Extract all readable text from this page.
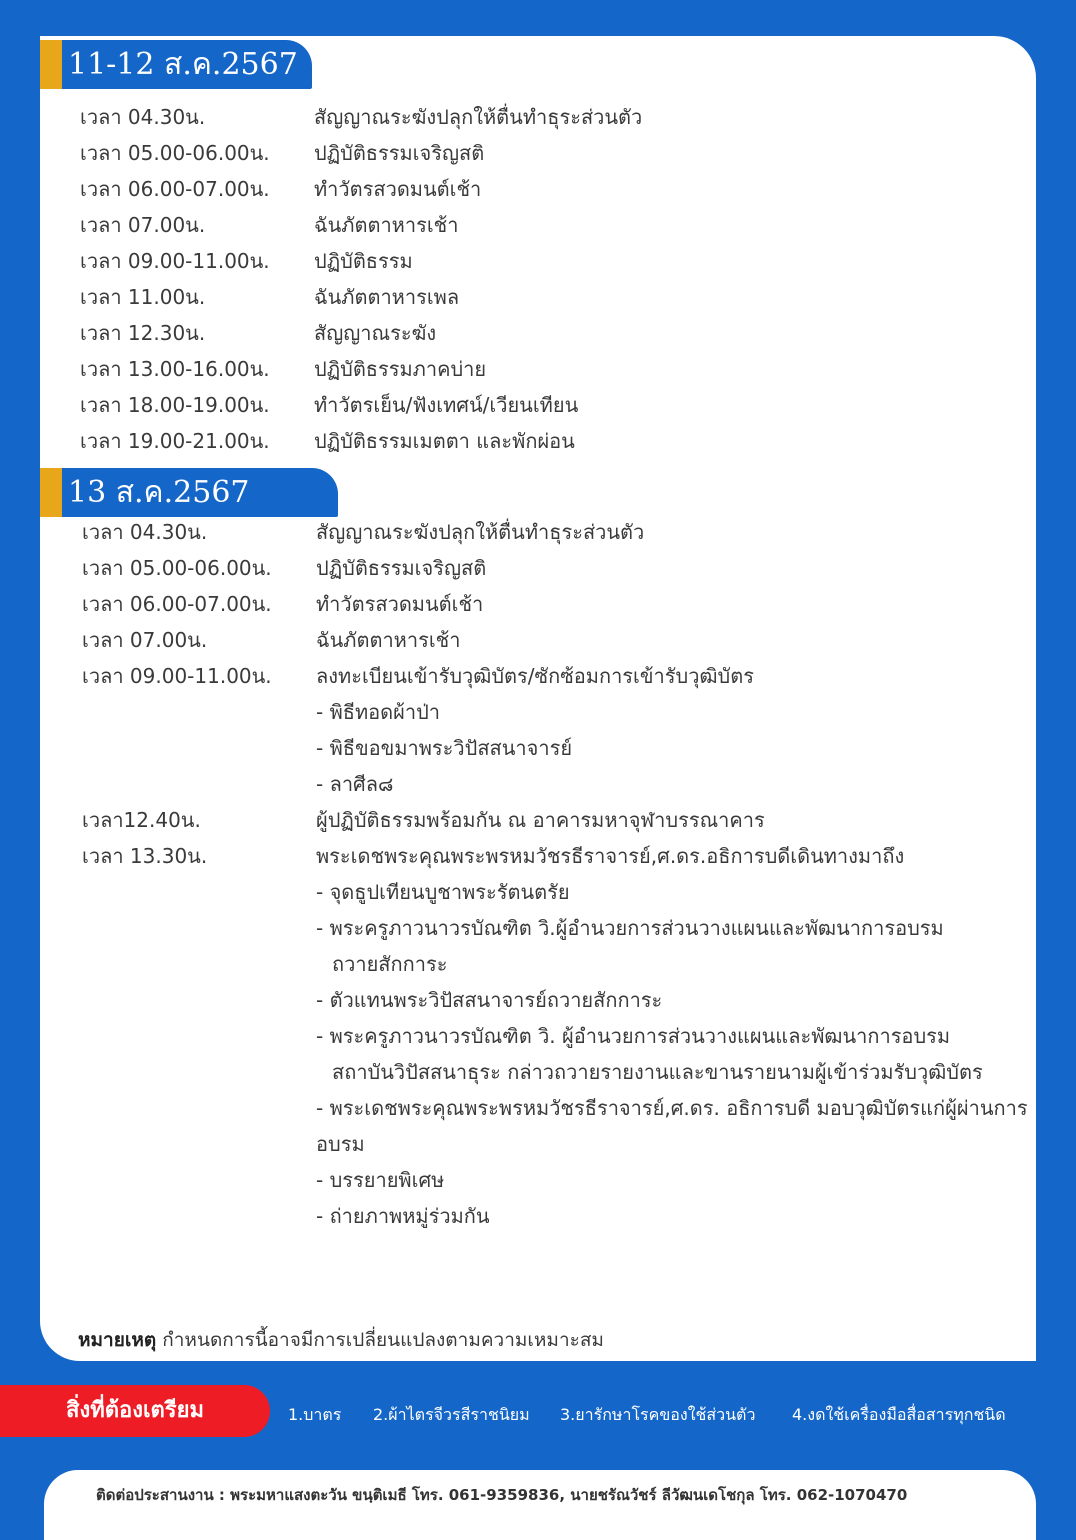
11-12 ส.ค.2567
เวลา 04.30น.	สัญญาณระฆังปลุกให้ตื่นทำธุระส่วนตัว
เวลา 05.00-06.00น. ปฏิบัติธรรมเจริญสติ
เวลา 06.00-07.00น. ทำวัตรสวดมนต์เช้า
เวลา 07.00น.	ฉันภัตตาหารเช้า
เวลา 09.00-11.00น. ปฏิบัติธรรม
เวลา 11.00น.	ฉันภัตตาหารเพล
เวลา 12.30น.	สัญญาณระฆัง
เวลา 13.00-16.00น. ปฏิบัติธรรมภาคบ่าย
เวลา 18.00-19.00น. ทำวัตรเย็น/ฟังเทศน์/เวียนเทียน
เวลา 19.00-21.00น. ปฏิบัติธรรมเมตตา และพักผ่อน
13 ส.ค.2567
เวลา 04.30น.	สัญญาณระฆังปลุกให้ตื่นทำธุระส่วนตัว
เวลา 05.00-06.00น. ปฏิบัติธรรมเจริญสติ
เวลา 06.00-07.00น. ทำวัตรสวดมนต์เช้า
เวลา 07.00น.	ฉันภัตตาหารเช้า
เวลา 09.00-11.00น. ลงทะเบียนเข้ารับวุฒิบัตร/ซักซ้อมการเข้ารับวุฒิบัตร
- พิธีทอดผ้าป่า
- พิธีขอขมาพระวิปัสสนาจารย์
- ลาศีล๘
เวลา12.40น.	ผู้ปฏิบัติธรรมพร้อมกัน ณ อาคารมหาจุฬาบรรณาคาร
เวลา 13.30น.	พระเดชพระคุณพระพรหมวัชรธีราจารย์,ศ.ดร.อธิการบดีเดินทางมาถึง
- จุดธูปเทียนบูชาพระรัตนตรัย
- พระครูภาวนาวรบัณฑิต วิ.ผู้อำนวยการส่วนวางแผนและพัฒนาการอบรม
ถวายสักการะ
- ตัวแทนพระวิปัสสนาจารย์ถวายสักการะ
- พระครูภาวนาวรบัณฑิต วิ. ผู้อำนวยการส่วนวางแผนและพัฒนาการอบรม
สถาบันวิปัสสนาธุระ กล่าวถวายรายงานและขานรายนามผู้เข้าร่วมรับวุฒิบัตร
- พระเดชพระคุณพระพรหมวัชรธีราจารย์,ศ.ดร. อธิการบดี มอบวุฒิบัตรแก่ผู้ผ่านการ
อบรม
- บรรยายพิเศษ
- ถ่ายภาพหมู่ร่วมกัน
หมายเหตุ กำหนดการนี้อาจมีการเปลี่ยนแปลงตามความเหมาะสม
สิ่งที่ต้องเตรียม	1.บาตร 2.ผ้าไตรจีวรสีราชนิยม 3.ยารักษาโรคของใช้ส่วนตัว 4.งดใช้เครื่องมือสื่อสารทุกชนิด
ติดต่อประสานงาน : พระมหาแสงตะวัน ขนฺติเมธี โทร. 061-9359836, นายชรัณวัชร์ ลีวัฒนเดโชกุล โทร. 062-1070470
